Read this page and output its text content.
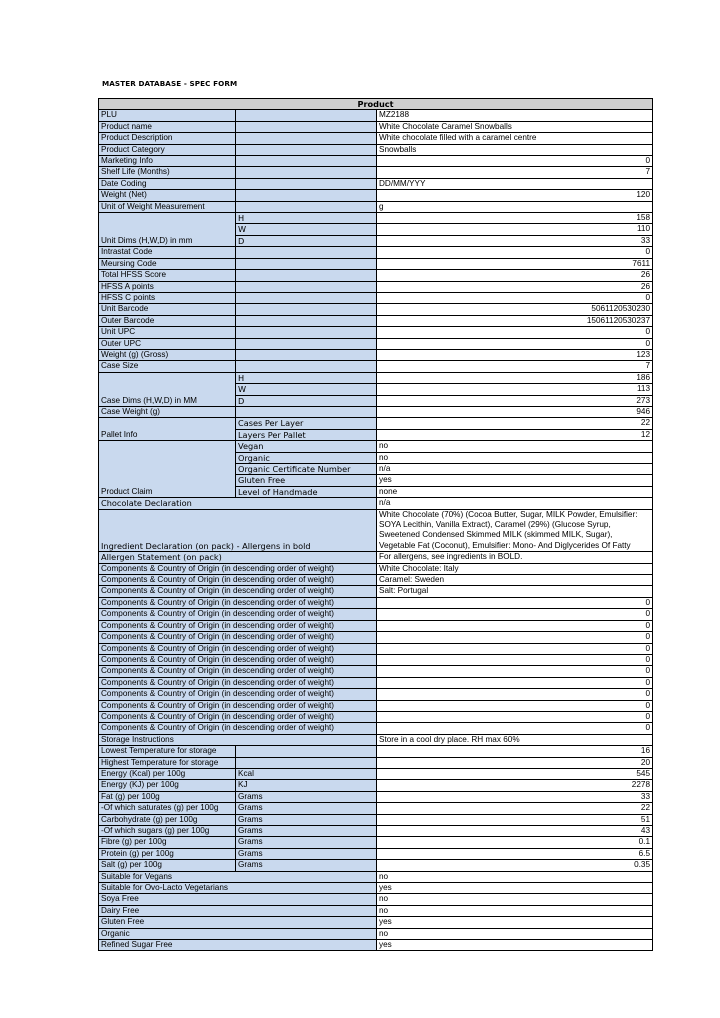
MASTER DATABASE - SPEC FORM
Product		
PLU		MZ2188
Product name		White Chocolate Caramel Snowballs
Product Description		White chocolate filled with a caramel centre
Product Category		Snowballs
Marketing Info		0
Shelf Life (Months)		7
Date Coding		DD/MM/YYY
Weight (Net)		120
Unit of Weight Measurement		g
Unit Dims (H,W,D) in mm	H	158
	W	110
	D	33
Intrastat Code		0
Meursing Code		7611
Total HFSS Score		26
HFSS A points		26
HFSS C points		0
Unit Barcode		5061120530230
Outer Barcode		15061120530237
Unit UPC		0
Outer UPC		0
Weight (g) (Gross)		123
Case Size		7
Case Dims (H,W,D) in MM	H	186
	W	113
	D	273
Case Weight (g)		946
Pallet Info	Cases Per Layer	22
	Layers Per Pallet	12
Product Claim	Vegan	no
	Organic	no
	Organic Certificate Number	n/a
	Gluten Free	yes
	Level of Handmade	none
Chocolate Declaration		n/a
Ingredient Declaration (on pack) - Allergens in bold		White Chocolate (70%) (Cocoa Butter, Sugar, MILK Powder, Emulsifier:
SOYA Lecithin, Vanilla Extract), Caramel (29%) (Glucose Syrup,
Sweetened Condensed Skimmed MILK (skimmed MILK, Sugar),
Vegetable Fat (Coconut), Emulsifier: Mono- And Diglycerides Of Fatty

Allergen Statement (on pack)		For allergens, see ingredients in BOLD.
Components & Country of Origin (in descending order of weight)		White Chocolate: Italy
Components & Country of Origin (in descending order of weight)		Caramel: Sweden
Components & Country of Origin (in descending order of weight)		Salt: Portugal
Components & Country of Origin (in descending order of weight)		0
Components & Country of Origin (in descending order of weight)		0
Components & Country of Origin (in descending order of weight)		0
Components & Country of Origin (in descending order of weight)		0
Components & Country of Origin (in descending order of weight)		0
Components & Country of Origin (in descending order of weight)		0
Components & Country of Origin (in descending order of weight)		0
Components & Country of Origin (in descending order of weight)		0
Components & Country of Origin (in descending order of weight)		0
Components & Country of Origin (in descending order of weight)		0
Components & Country of Origin (in descending order of weight)		0
Components & Country of Origin (in descending order of weight)		0
Storage Instructions		Store in a cool dry place. RH max 60%
Lowest Temperature for storage		16
Highest Temperature for storage		20
Energy (Kcal) per 100g	Kcal	545
Energy (KJ) per 100g	KJ	2278
Fat (g) per 100g	Grams	33
-Of which saturates (g) per 100g	Grams	22
Carbohydrate (g) per 100g	Grams	51
-Of which sugars (g) per 100g	Grams	43
Fibre (g) per 100g	Grams	0.1
Protein (g) per 100g	Grams	6.5
Salt (g) per 100g	Grams	0.35
Suitable for Vegans		no
Suitable for Ovo-Lacto Vegetarians		yes
Soya Free		no
Dairy Free		no
Gluten Free		yes
Organic		no
Refined Sugar Free		yes
